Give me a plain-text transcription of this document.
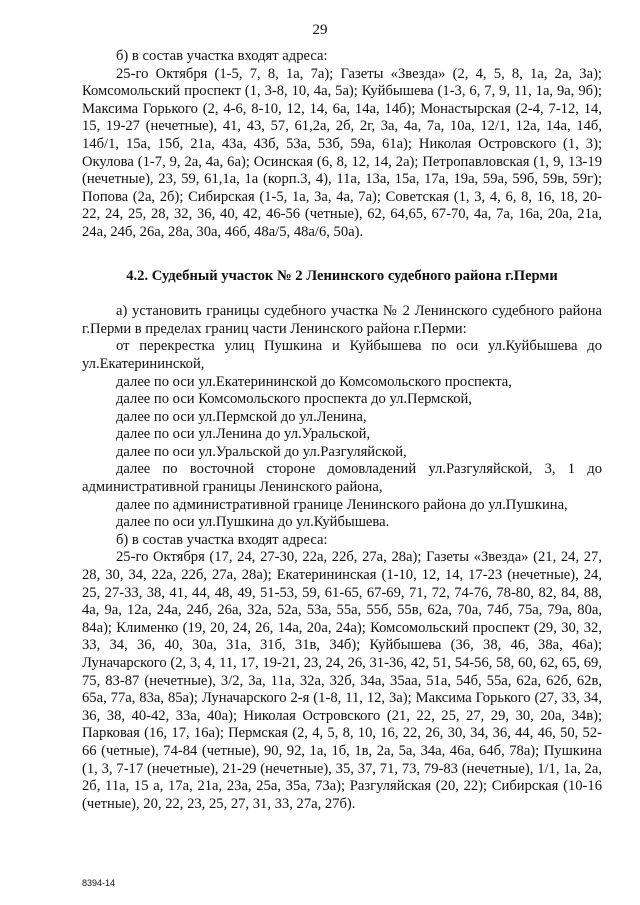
29

б) в состав участка входят адреса:

25-го Октября (1-5, 7, 8, 1а, 7а); Газеты «Звезда» (2, 4, 5, 8, 1а, 2а, 3а); Комсомольский проспект (1, 3-8, 10, 4а, 5а); Куйбышева (1-3, 6, 7, 9, 11, 1а, 9а, 9б); Максима Горького (2, 4-6, 8-10, 12, 14, 6а, 14а, 14б); Монастырская (2-4, 7-12, 14, 15, 19-27 (нечетные), 41, 43, 57, 61,2а, 2б, 2г, 3а, 4а, 7а, 10а, 12/1, 12а, 14а, 14б, 14б/1, 15а, 15б, 21а, 43а, 43б, 53а, 53б, 59а, 61а); Николая Островского (1, 3); Окулова (1-7, 9, 2а, 4а, 6а); Осинская (6, 8, 12, 14, 2а); Петропавловская (1, 9, 13-19 (нечетные), 23, 59, 61,1а, 1а (корп.3, 4), 11а, 13а, 15а, 17а, 19а, 59а, 59б, 59в, 59г); Попова (2а, 2б); Сибирская (1-5, 1а, 3а, 4а, 7а); Советская (1, 3, 4, 6, 8, 16, 18, 20-22, 24, 25, 28, 32, 36, 40, 42, 46-56 (четные), 62, 64,65, 67-70, 4а, 7а, 16а, 20а, 21а, 24а, 24б, 26а, 28а, 30а, 46б, 48а/5, 48а/6, 50а).

4.2. Судебный участок № 2 Ленинского судебного района г.Перми

а) установить границы судебного участка № 2 Ленинского судебного района г.Перми в пределах границ части Ленинского района г.Перми:

от перекрестка улиц Пушкина и Куйбышева по оси ул.Куйбышева до ул.Екатерининской,

далее по оси ул.Екатерининской до Комсомольского проспекта,

далее по оси Комсомольского проспекта до ул.Пермской,

далее по оси ул.Пермской до ул.Ленина,

далее по оси ул.Ленина до ул.Уральской,

далее по оси ул.Уральской до ул.Разгуляйской,

далее по восточной стороне домовладений ул.Разгуляйской, 3, 1 до административной границы Ленинского района,

далее по административной границе Ленинского района до ул.Пушкина,

далее по оси ул.Пушкина до ул.Куйбышева.

б) в состав участка входят адреса:

25-го Октября (17, 24, 27-30, 22а, 22б, 27а, 28а); Газеты «Звезда» (21, 24, 27, 28, 30, 34, 22а, 22б, 27а, 28а); Екатерининская (1-10, 12, 14, 17-23 (нечетные), 24, 25, 27-33, 38, 41, 44, 48, 49, 51-53, 59, 61-65, 67-69, 71, 72, 74-76, 78-80, 82, 84, 88, 4а, 9а, 12а, 24а, 24б, 26а, 32а, 52а, 53а, 55а, 55б, 55в, 62а, 70а, 74б, 75а, 79а, 80а, 84а); Клименко (19, 20, 24, 26, 14а, 20а, 24а); Комсомольский проспект (29, 30, 32, 33, 34, 36, 40, 30а, 31а, 31б, 31в, 34б); Куйбышева (36, 38, 46, 38а, 46а); Луначарского (2, 3, 4, 11, 17, 19-21, 23, 24, 26, 31-36, 42, 51, 54-56, 58, 60, 62, 65, 69, 75, 83-87 (нечетные), 3/2, 3а, 11а, 32а, 32б, 34а, 35аа, 51а, 54б, 55а, 62а, 62б, 62в, 65а, 77а, 83а, 85а); Луначарского 2-я (1-8, 11, 12, 3а); Максима Горького (27, 33, 34, 36, 38, 40-42, 33а, 40а); Николая Островского (21, 22, 25, 27, 29, 30, 20а, 34в); Парковая (16, 17, 16а); Пермская (2, 4, 5, 8, 10, 16, 22, 26, 30, 34, 36, 44, 46, 50, 52-66 (четные), 74-84 (четные), 90, 92, 1а, 1б, 1в, 2а, 5а, 34а, 46а, 64б, 78а); Пушкина (1, 3, 7-17 (нечетные), 21-29 (нечетные), 35, 37, 71, 73, 79-83 (нечетные), 1/1, 1а, 2а, 2б, 11а, 15 а, 17а, 21а, 23а, 25а, 35а, 73а); Разгуляйская (20, 22); Сибирская (10-16 (четные), 20, 22, 23, 25, 27, 31, 33, 27а, 27б).

8394-14
